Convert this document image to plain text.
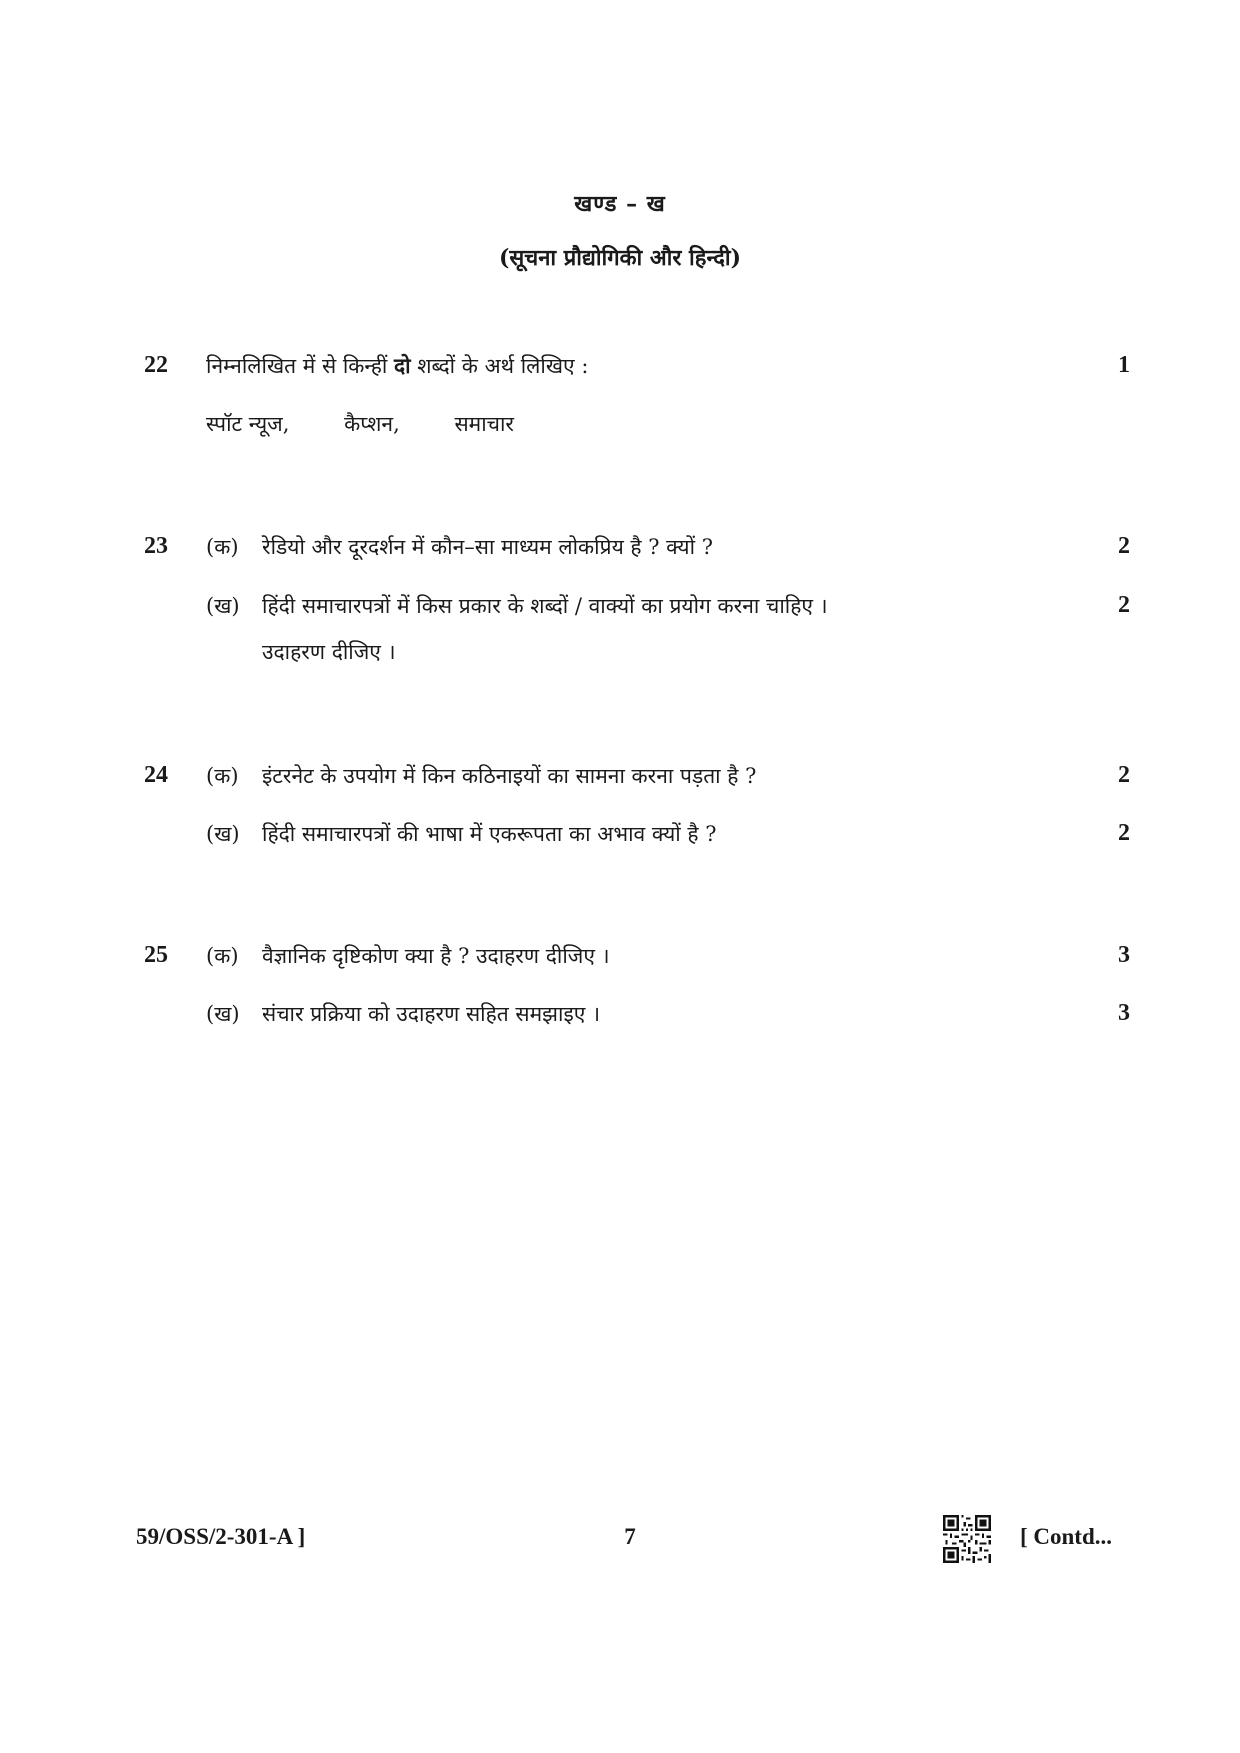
खण्ड – ख
(सूचना प्रौद्योगिकी और हिन्दी)
22	निम्नलिखित में से किन्हीं दो शब्दों के अर्थ लिखिए :	1
स्पॉट न्यूज,	कैप्शन,	समाचार
23	(क) रेडियो और दूरदर्शन में कौन–सा माध्यम लोकप्रिय है ? क्यों ?	2
(ख) हिंदी समाचारपत्रों में किस प्रकार के शब्दों / वाक्यों का प्रयोग करना चाहिए ।	2
उदाहरण दीजिए ।
24	(क) इंटरनेट के उपयोग में किन कठिनाइयों का सामना करना पड़ता है ?	2
(ख) हिंदी समाचारपत्रों की भाषा में एकरूपता का अभाव क्यों है ?	2
25	(क) वैज्ञानिक दृष्टिकोण क्या है ? उदाहरण दीजिए ।	3
(ख) संचार प्रक्रिया को उदाहरण सहित समझाइए ।	3
59/OSS/2-301-A ]	7	[ Contd...
